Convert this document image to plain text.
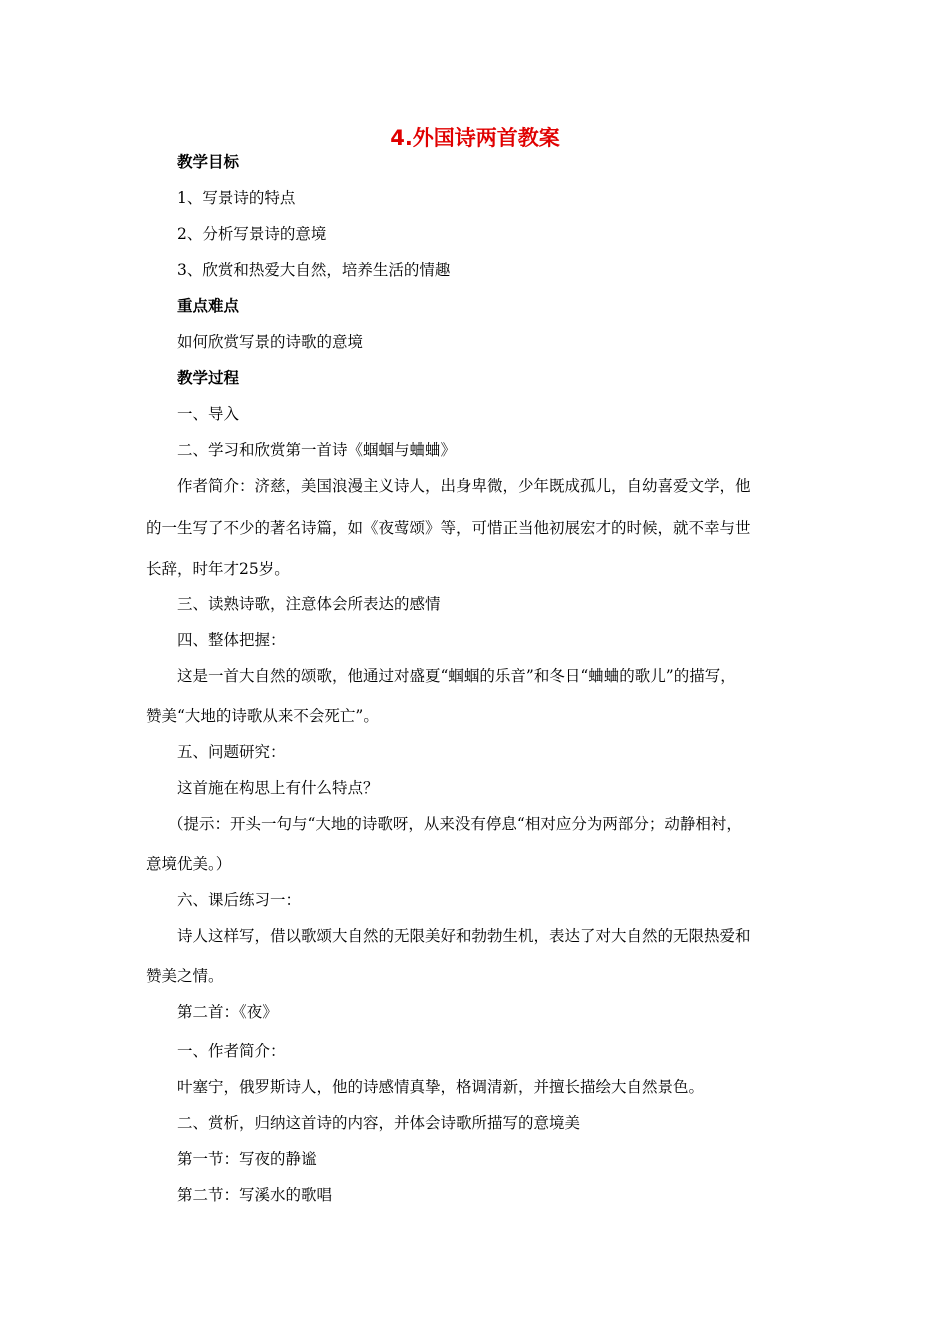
4.外国诗两首教案
教学目标
1、写景诗的特点
2、分析写景诗的意境
3、欣赏和热爱大自然，培养生活的情趣
重点难点
如何欣赏写景的诗歌的意境
教学过程
一、导入
二、学习和欣赏第一首诗《蝈蝈与蛐蛐》
作者简介：济慈，美国浪漫主义诗人，出身卑微，少年既成孤儿，自幼喜爱文学，他
的一生写了不少的著名诗篇，如《夜莺颂》等，可惜正当他初展宏才的时候，就不幸与世
长辞，时年才25岁。
三、读熟诗歌，注意体会所表达的感情
四、整体把握：
这是一首大自然的颂歌，他通过对盛夏“蝈蝈的乐音”和冬日“蛐蛐的歌儿”的描写，
赞美“大地的诗歌从来不会死亡”。
五、问题研究：
这首施在构思上有什么特点？
（提示：开头一句与“大地的诗歌呀，从来没有停息“相对应分为两部分；动静相衬，
意境优美。）
六、课后练习一：
诗人这样写，借以歌颂大自然的无限美好和勃勃生机，表达了对大自然的无限热爱和
赞美之情。
第二首：《夜》
一、作者简介：
叶塞宁，俄罗斯诗人，他的诗感情真挚，格调清新，并擅长描绘大自然景色。
二、赏析，归纳这首诗的内容，并体会诗歌所描写的意境美
第一节：写夜的静谧
第二节：写溪水的歌唱
